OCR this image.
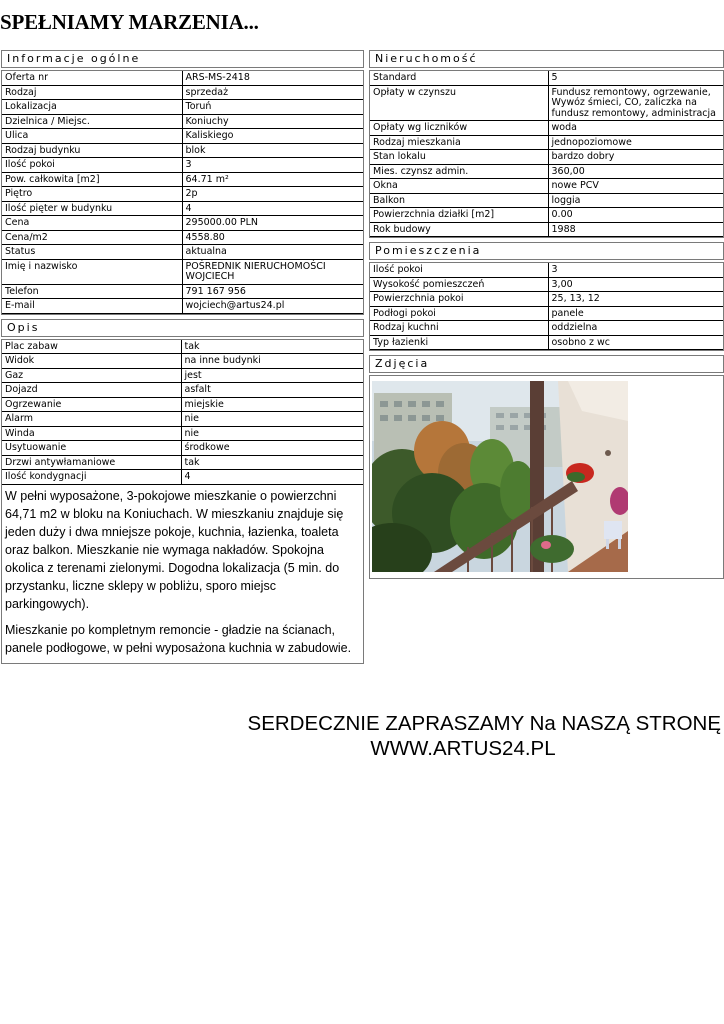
SPEŁNIAMY MARZENIA...
Informacje ogólne
Oferta nr	ARS-MS-2418
Rodzaj	sprzedaż
Lokalizacja	Toruń
Dzielnica / Miejsc.	Koniuchy
Ulica	Kaliskiego
Rodzaj budynku	blok
Ilość pokoi	3
Pow. całkowita [m2]	64.71 m²
Piętro	2p
Ilość pięter w budynku	4
Cena	295000.00 PLN
Cena/m2	4558.80
Status	aktualna
Imię i nazwisko	POŚREDNIK NIERUCHOMOŚCI WOJCIECH
Telefon	791 167 956
E-mail	wojciech@artus24.pl
Opis
Plac zabaw	tak
Widok	na inne budynki
Gaz	jest
Dojazd	asfalt
Ogrzewanie	miejskie
Alarm	nie
Winda	nie
Usytuowanie	środkowe
Drzwi antywłamaniowe	tak
Ilość kondygnacji	4

W pełni wyposażone, 3-pokojowe mieszkanie o powierzchni 64,71 m2 w bloku na Koniuchach. W mieszkaniu znajduje się jeden duży i dwa mniejsze pokoje, kuchnia, łazienka, toaleta oraz balkon. Mieszkanie nie wymaga nakładów. Spokojna okolica z terenami zielonymi. Dogodna lokalizacja (5 min. do przystanku, liczne sklepy w pobliżu, sporo miejsc parkingowych).

Mieszkanie po kompletnym remoncie - gładzie na ścianach, panele podłogowe, w pełni wyposażona kuchnia w zabudowie.

Nieruchomość
Standard	5
Opłaty w czynszu	Fundusz remontowy, ogrzewanie, Wywóz śmieci, CO, zaliczka na fundusz remontowy, administracja
Opłaty wg liczników	woda
Rodzaj mieszkania	jednopoziomowe
Stan lokalu	bardzo dobry
Mies. czynsz admin.	360,00
Okna	nowe PCV
Balkon	loggia
Powierzchnia działki [m2]	0.00
Rok budowy	1988
Pomieszczenia
Ilość pokoi	3
Wysokość pomieszczeń	3,00
Powierzchnia pokoi	25, 13, 12
Podłogi pokoi	panele
Rodzaj kuchni	oddzielna
Typ łazienki	osobno z wc
Zdjęcia
SERDECZNIE ZAPRASZAMY Na NASZĄ STRONĘ
WWW.ARTUS24.PL
